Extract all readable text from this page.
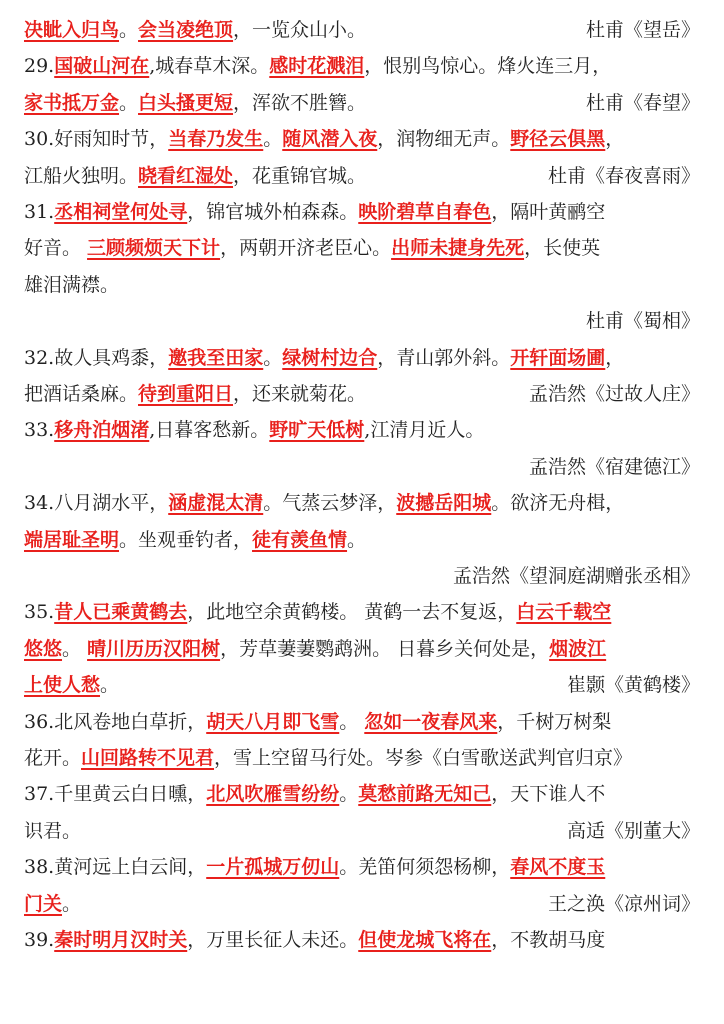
决眦入归鸟。会当凌绝顶，一览众山小。	杜甫《望岳》
29.国破山河在,城春草木深。感时花溅泪，恨别鸟惊心。烽火连三月，
家书抵万金。白头搔更短，浑欲不胜簪。	杜甫《春望》
30.好雨知时节，当春乃发生。随风潜入夜，润物细无声。野径云俱黑，
江船火独明。晓看红湿处，花重锦官城。	杜甫《春夜喜雨》
31.丞相祠堂何处寻，锦官城外柏森森。映阶碧草自春色，隔叶黄鹂空
好音。 三顾频烦天下计，两朝开济老臣心。出师未捷身先死，长使英
雄泪满襟。
杜甫《蜀相》
32.故人具鸡黍，邀我至田家。绿树村边合，青山郭外斜。开轩面场圃，
把酒话桑麻。待到重阳日，还来就菊花。	孟浩然《过故人庄》
33.移舟泊烟渚,日暮客愁新。野旷天低树,江清月近人。
孟浩然《宿建德江》
34.八月湖水平，涵虚混太清。气蒸云梦泽，波撼岳阳城。欲济无舟楫，
端居耻圣明。坐观垂钓者，徒有羡鱼情。
孟浩然《望洞庭湖赠张丞相》
35.昔人已乘黄鹤去，此地空余黄鹤楼。 黄鹤一去不复返，白云千载空
悠悠。 晴川历历汉阳树，芳草萋萋鹦鹉洲。 日暮乡关何处是，烟波江
上使人愁。	崔颢《黄鹤楼》
36.北风卷地白草折，胡天八月即飞雪。 忽如一夜春风来，千树万树梨
花开。山回路转不见君，雪上空留马行处。岑参《白雪歌送武判官归京》
37.千里黄云白日曛，北风吹雁雪纷纷。莫愁前路无知己，天下谁人不
识君。	高适《别董大》
38.黄河远上白云间，一片孤城万仞山。羌笛何须怨杨柳，春风不度玉
门关。	王之涣《凉州词》
39.秦时明月汉时关，万里长征人未还。但使龙城飞将在，不教胡马度
